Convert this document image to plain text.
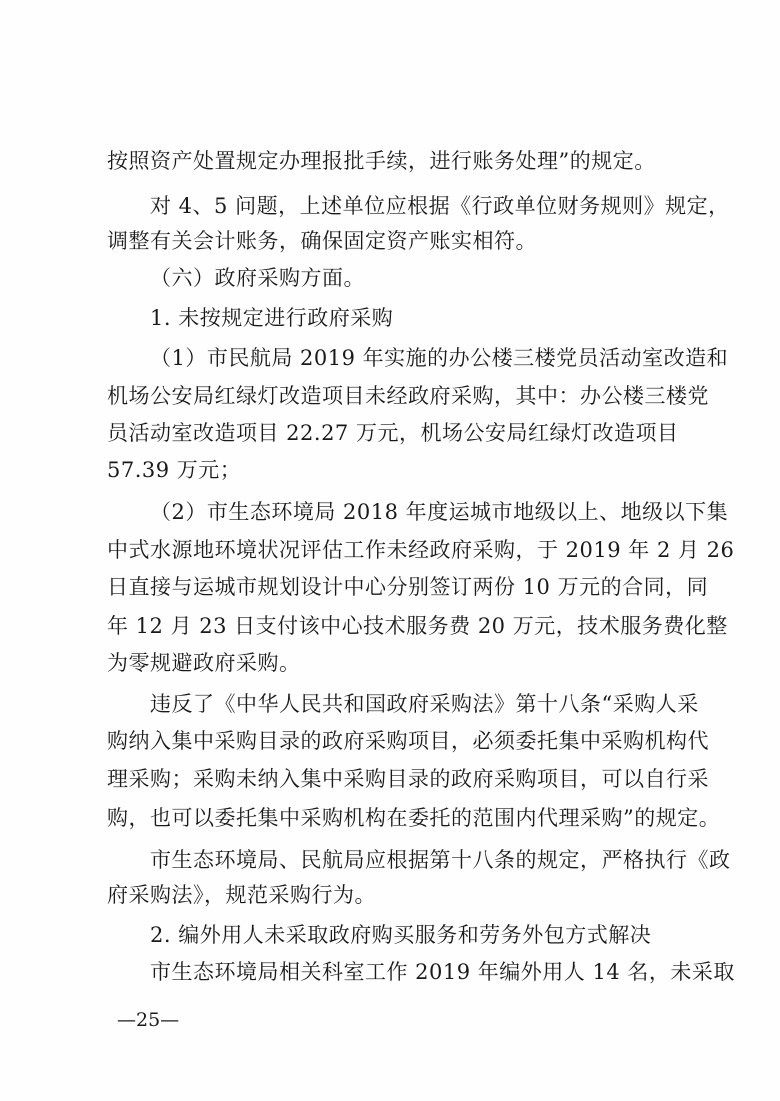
按照资产处置规定办理报批手续，进行账务处理”的规定。
对 4、5 问题，上述单位应根据《行政单位财务规则》规定，
调整有关会计账务，确保固定资产账实相符。
（六）政府采购方面。
1. 未按规定进行政府采购
（1）市民航局 2019 年实施的办公楼三楼党员活动室改造和
机场公安局红绿灯改造项目未经政府采购，其中：办公楼三楼党
员活动室改造项目 22.27 万元，机场公安局红绿灯改造项目
57.39 万元；
（2）市生态环境局 2018 年度运城市地级以上、地级以下集
中式水源地环境状况评估工作未经政府采购，于 2019 年 2 月 26
日直接与运城市规划设计中心分别签订两份 10 万元的合同，同
年 12 月 23 日支付该中心技术服务费 20 万元，技术服务费化整
为零规避政府采购。
违反了《中华人民共和国政府采购法》第十八条“采购人采
购纳入集中采购目录的政府采购项目，必须委托集中采购机构代
理采购；采购未纳入集中采购目录的政府采购项目，可以自行采
购，也可以委托集中采购机构在委托的范围内代理采购”的规定。
市生态环境局、民航局应根据第十八条的规定，严格执行《政
府采购法》，规范采购行为。
2. 编外用人未采取政府购买服务和劳务外包方式解决
市生态环境局相关科室工作 2019 年编外用人 14 名，未采取
—25—
